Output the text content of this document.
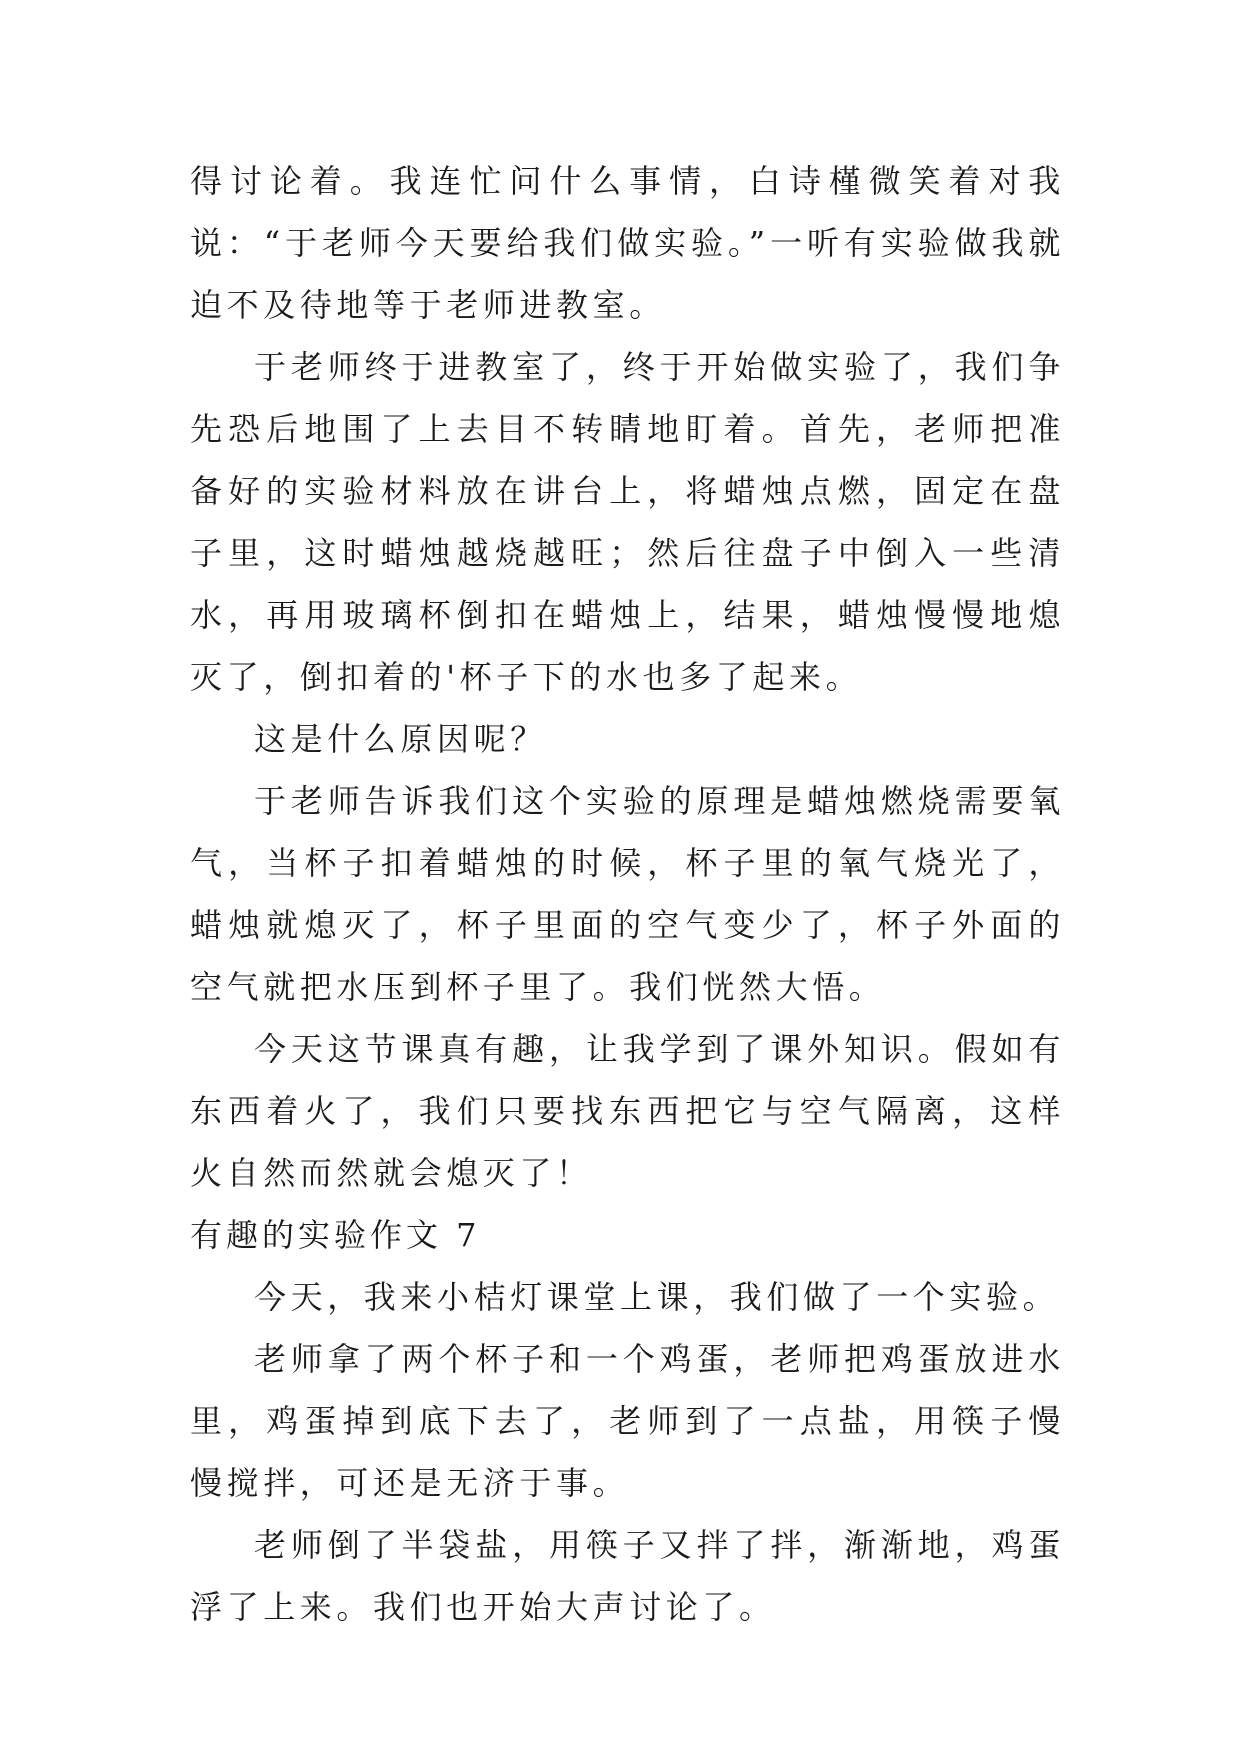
得讨论着。我连忙问什么事情，白诗槿微笑着对我说：“于老师今天要给我们做实验。”一听有实验做我就迫不及待地等于老师进教室。

于老师终于进教室了，终于开始做实验了，我们争先恐后地围了上去目不转睛地盯着。首先，老师把准备好的实验材料放在讲台上，将蜡烛点燃，固定在盘子里，这时蜡烛越烧越旺；然后往盘子中倒入一些清水，再用玻璃杯倒扣在蜡烛上，结果，蜡烛慢慢地熄灭了，倒扣着的'杯子下的水也多了起来。

这是什么原因呢？

于老师告诉我们这个实验的原理是蜡烛燃烧需要氧气，当杯子扣着蜡烛的时候，杯子里的氧气烧光了，蜡烛就熄灭了，杯子里面的空气变少了，杯子外面的空气就把水压到杯子里了。我们恍然大悟。

今天这节课真有趣，让我学到了课外知识。假如有东西着火了，我们只要找东西把它与空气隔离，这样火自然而然就会熄灭了！

有趣的实验作文 7

今天，我来小桔灯课堂上课，我们做了一个实验。

老师拿了两个杯子和一个鸡蛋，老师把鸡蛋放进水里，鸡蛋掉到底下去了，老师到了一点盐，用筷子慢慢搅拌，可还是无济于事。

老师倒了半袋盐，用筷子又拌了拌，渐渐地，鸡蛋浮了上来。我们也开始大声讨论了。
